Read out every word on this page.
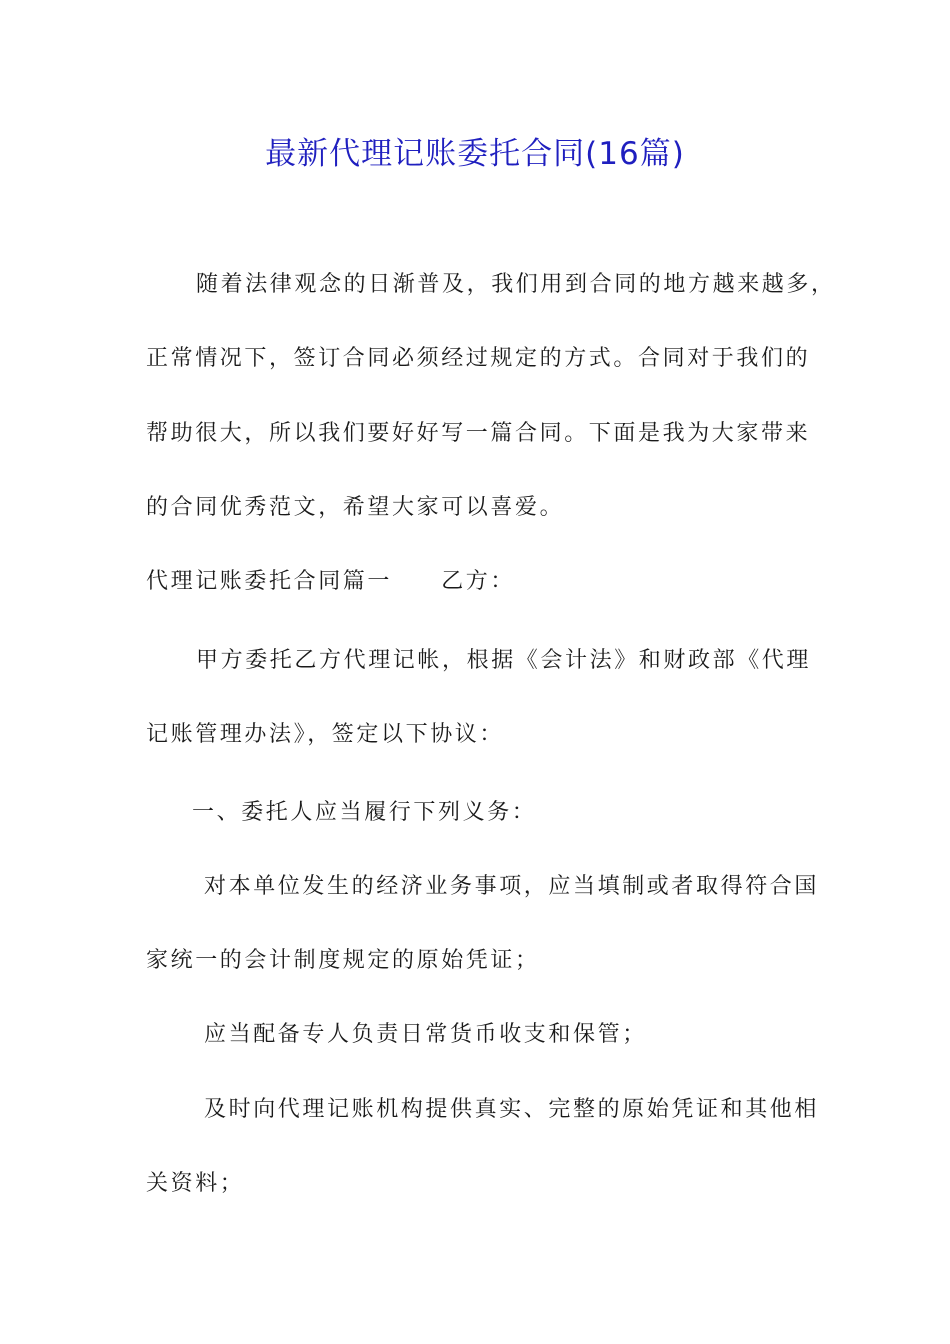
最新代理记账委托合同(16篇)
随着法律观念的日渐普及，我们用到合同的地方越来越多，
正常情况下，签订合同必须经过规定的方式。合同对于我们的
帮助很大，所以我们要好好写一篇合同。下面是我为大家带来
的合同优秀范文，希望大家可以喜爱。
代理记账委托合同篇一　　乙方：
甲方委托乙方代理记帐，根据《会计法》和财政部《代理
记账管理办法》，签定以下协议：
一、委托人应当履行下列义务：
对本单位发生的经济业务事项，应当填制或者取得符合国
家统一的会计制度规定的原始凭证；
应当配备专人负责日常货币收支和保管；
及时向代理记账机构提供真实、完整的原始凭证和其他相
关资料；
